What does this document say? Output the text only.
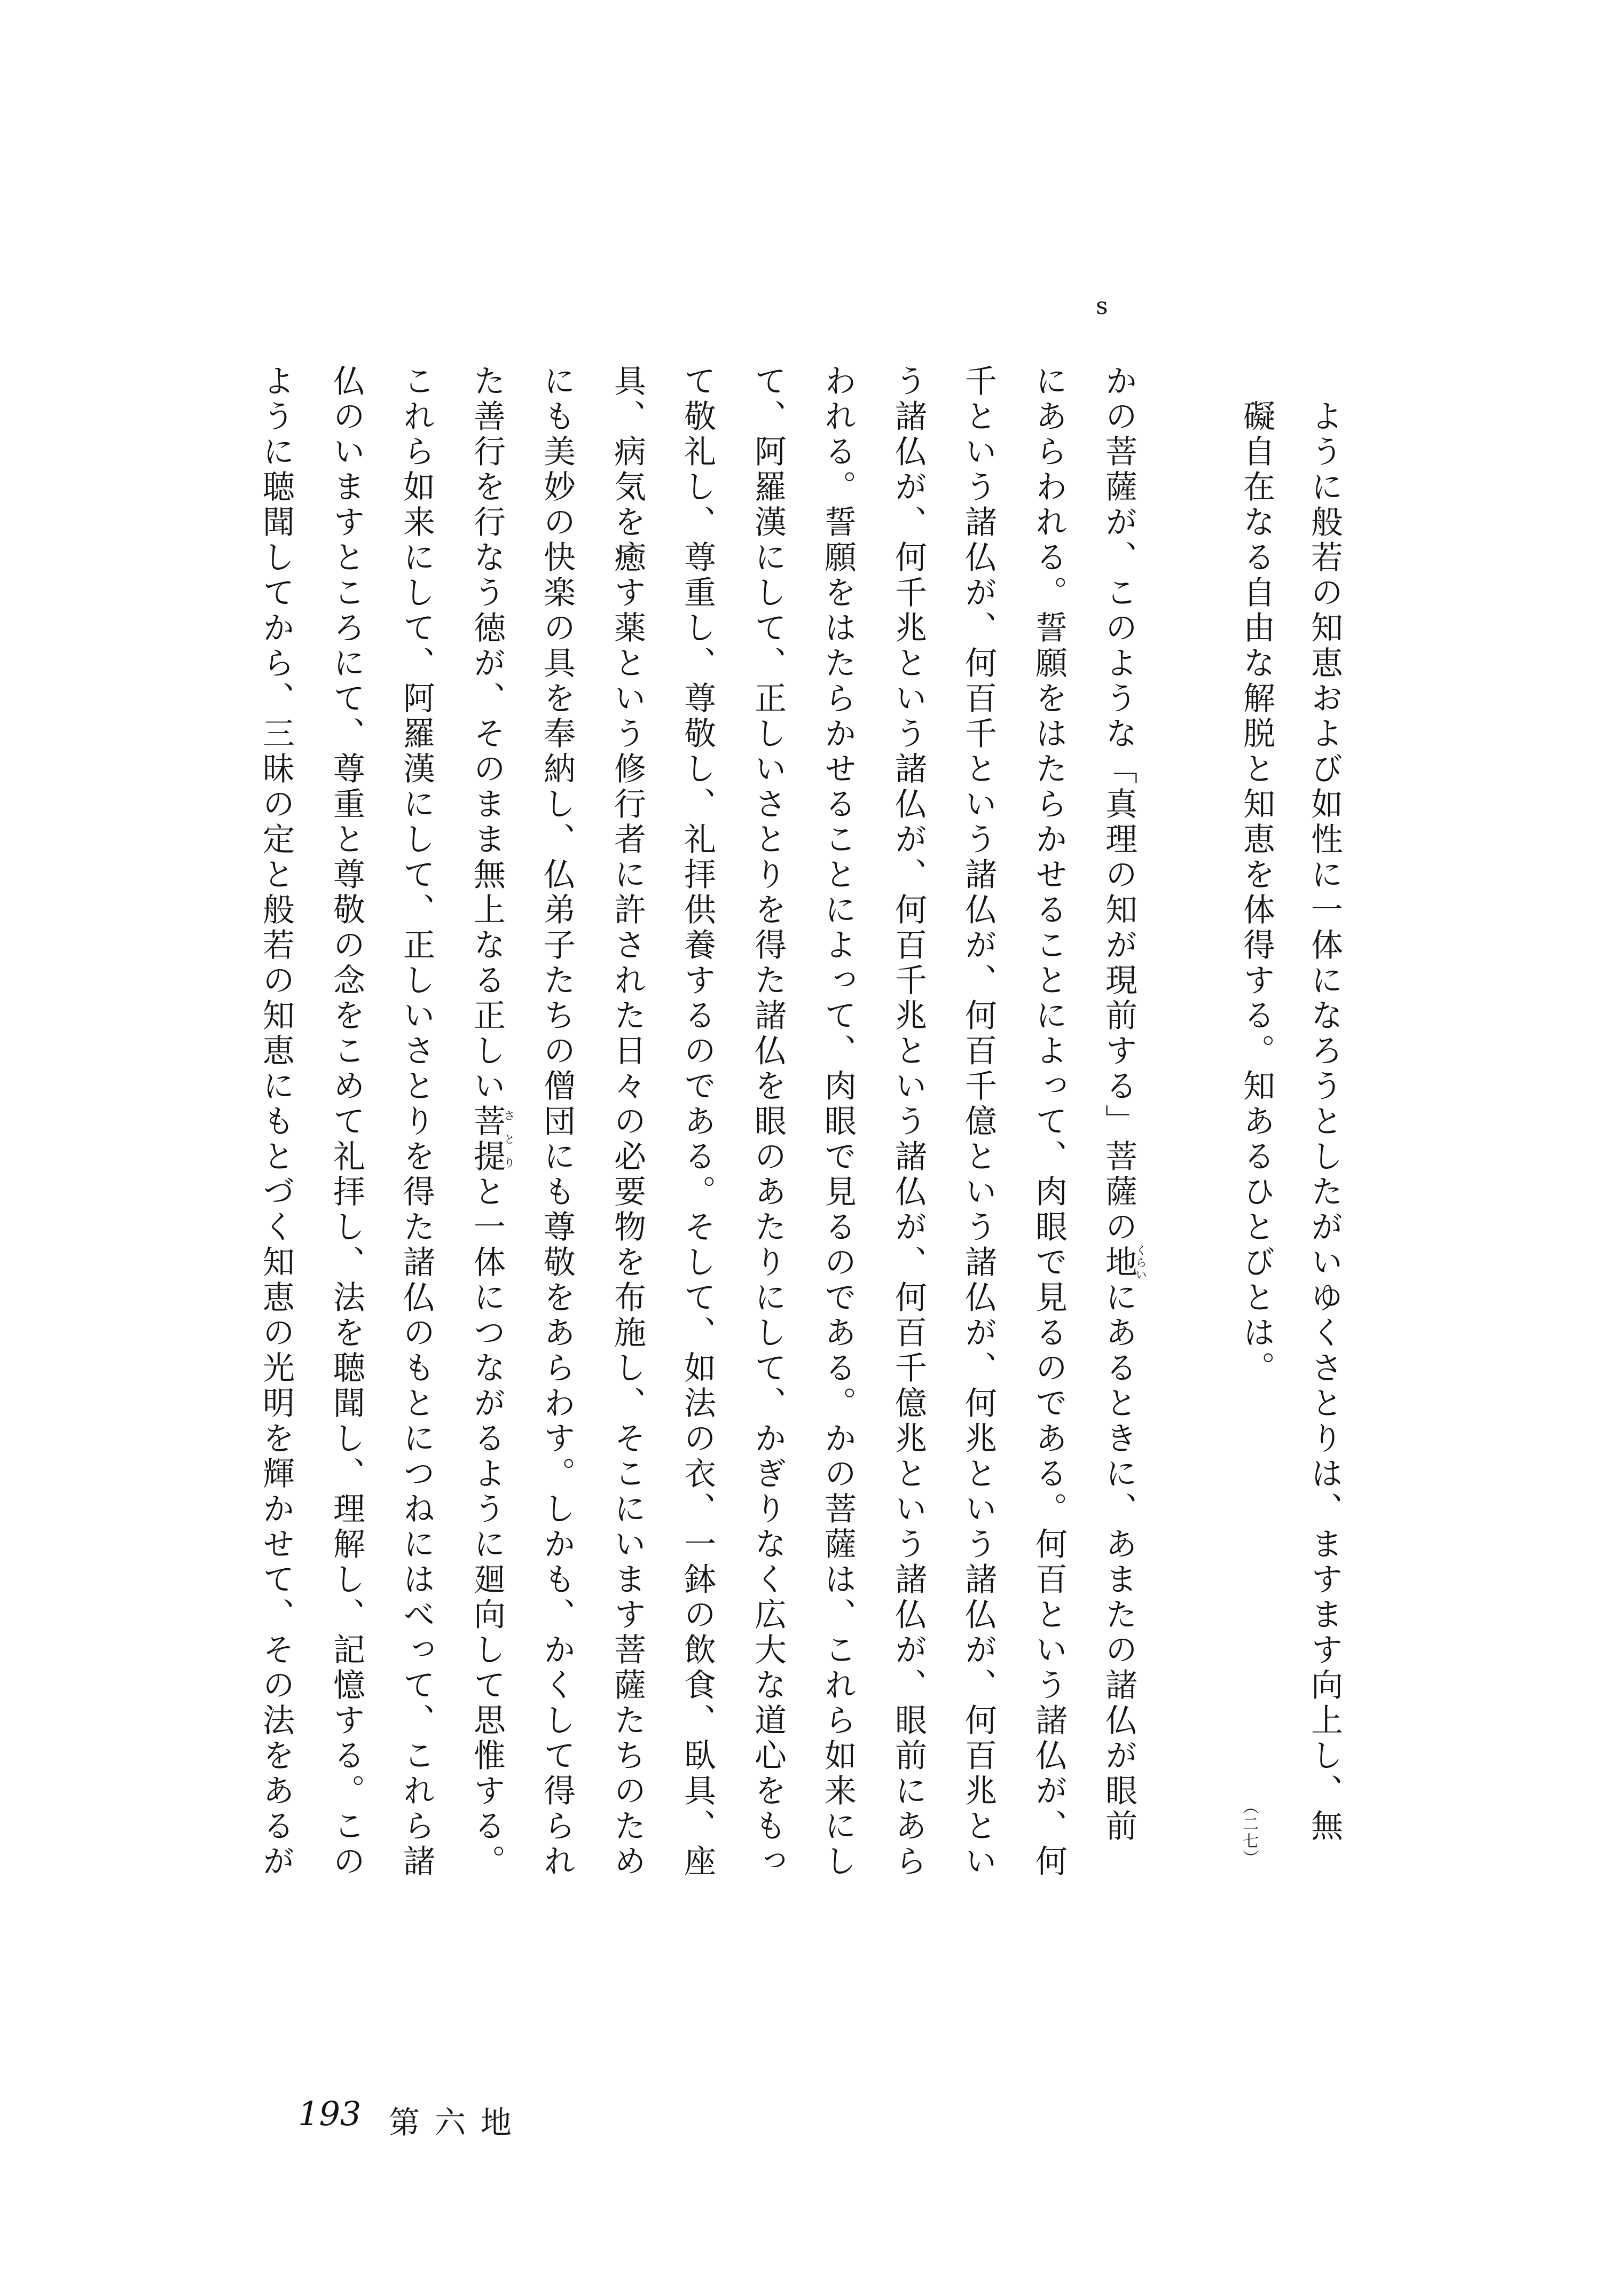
s
ように般若の知恵および如性に一体になろうとしたがいゆくさとりは、ますます向上し、無
礙自在なる自由な解脱と知恵を体得する。知あるひとびとは。
（二七）
かの菩薩が、このような「真理の知が現前する」菩薩の地くらいにあるときに、あまたの諸仏が眼前
にあらわれる。誓願をはたらかせることによって、肉眼で見るのである。何百という諸仏が、何
千という諸仏が、何百千という諸仏が、何百千億という諸仏が、何兆という諸仏が、何百兆とい
う諸仏が、何千兆という諸仏が、何百千兆という諸仏が、何百千億兆という諸仏が、眼前にあら
われる。誓願をはたらかせることによって、肉眼で見るのである。かの菩薩は、これら如来にし
て、阿羅漢にして、正しいさとりを得た諸仏を眼のあたりにして、かぎりなく広大な道心をもっ
て敬礼し、尊重し、尊敬し、礼拝供養するのである。そして、如法の衣、一鉢の飲食、臥具、座
具、病気を癒す薬という修行者に許された日々の必要物を布施し、そこにいます菩薩たちのため
にも美妙の快楽の具を奉納し、仏弟子たちの僧団にも尊敬をあらわす。しかも、かくして得られ
た善行を行なう徳が、そのまま無上なる正しい菩提さとりと一体につながるように廻向して思惟する。
これら如来にして、阿羅漢にして、正しいさとりを得た諸仏のもとにつねにはべって、これら諸
仏のいますところにて、尊重と尊敬の念をこめて礼拝し、法を聴聞し、理解し、記憶する。この
ように聴聞してから、三昧の定と般若の知恵にもとづく知恵の光明を輝かせて、その法をあるが
193 第六地
